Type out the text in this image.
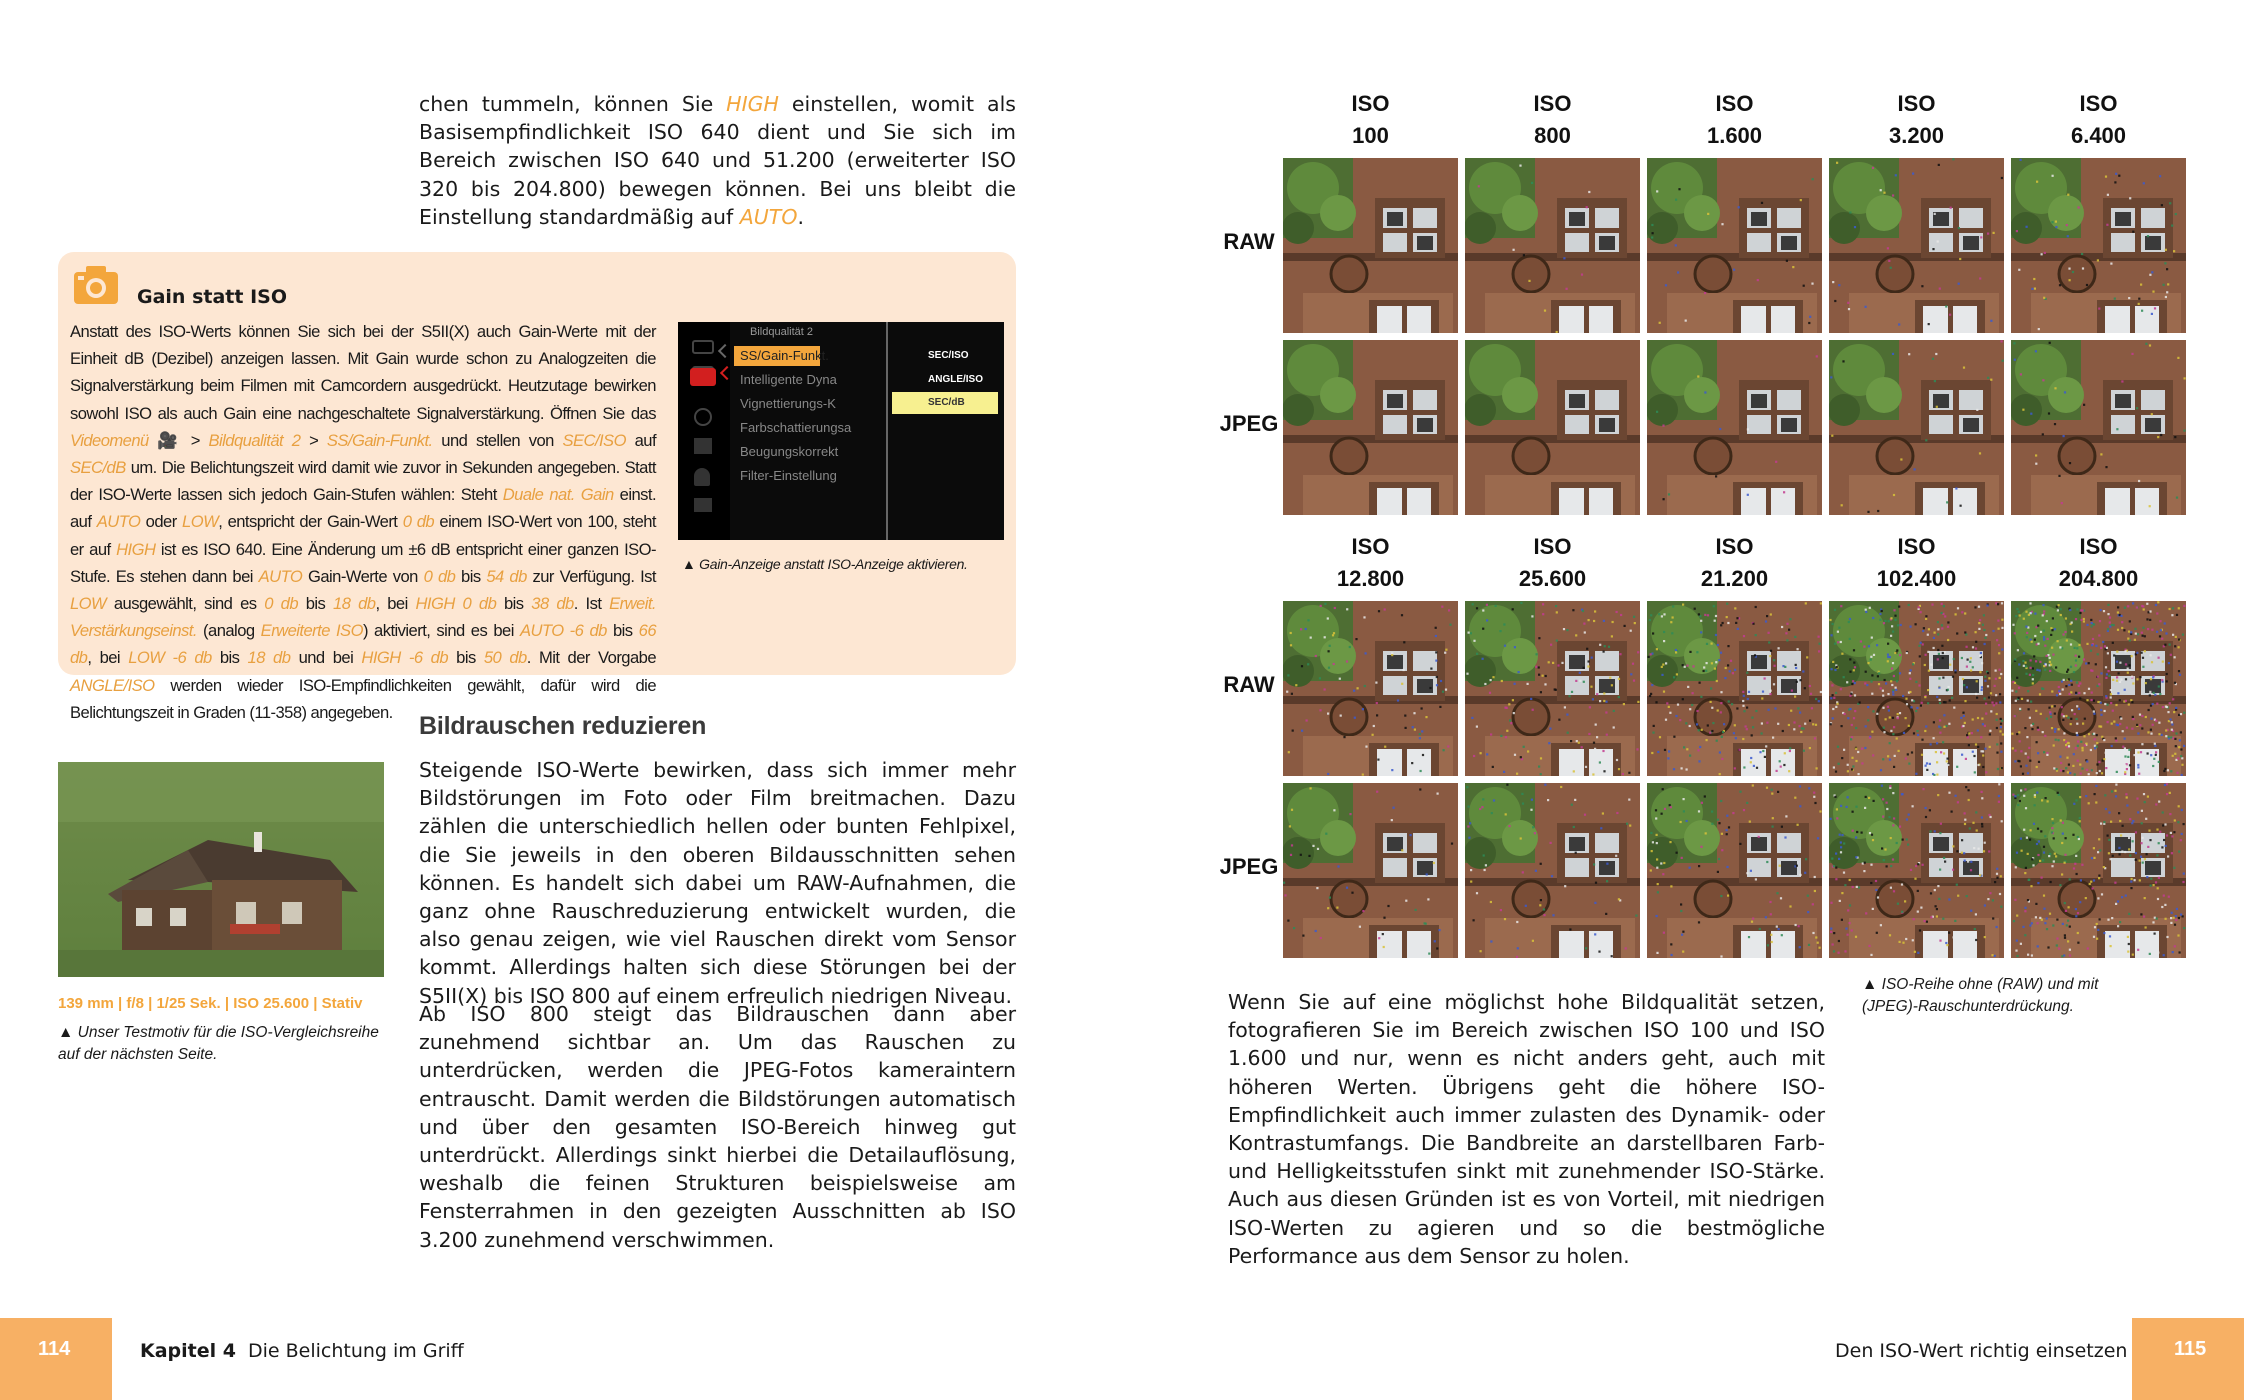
chen tummeln, können Sie HIGH einstellen, womit als Basisempfindlichkeit ISO 640 dient und Sie sich im Bereich zwischen ISO 640 und 51.200 (erweiterter ISO 320 bis 204.800) bewegen können. Bei uns bleibt die Einstellung standardmäßig auf AUTO.
Gain statt ISO
Anstatt des ISO-Werts können Sie sich bei der S5II(X) auch Gain-Werte mit der Einheit dB (Dezibel) anzeigen lassen. Mit Gain wurde schon zu Analogzeiten die Signalverstärkung beim Filmen mit Camcordern ausgedrückt. Heutzutage bewirken sowohl ISO als auch Gain eine nachgeschaltete Signalverstärkung. Öffnen Sie das Videomenü 🎥 > Bildqualität 2 > SS/Gain-Funkt. und stellen von SEC/ISO auf SEC/dB um. Die Belichtungszeit wird damit wie zuvor in Sekunden angegeben. Statt der ISO-Werte lassen sich jedoch Gain-Stufen wählen: Steht Duale nat. Gain einst. auf AUTO oder LOW, entspricht der Gain-Wert 0 db einem ISO-Wert von 100, steht er auf HIGH ist es ISO 640. Eine Änderung um ±6 dB entspricht einer ganzen ISO-Stufe. Es stehen dann bei AUTO Gain-Werte von 0 db bis 54 db zur Verfügung. Ist LOW ausgewählt, sind es 0 db bis 18 db, bei HIGH 0 db bis 38 db. Ist Erweit. Verstärkungseinst. (analog Erweiterte ISO) aktiviert, sind es bei AUTO -6 db bis 66 db, bei LOW -6 db bis 18 db und bei HIGH -6 db bis 50 db. Mit der Vorgabe ANGLE/ISO werden wieder ISO-Empfindlichkeiten gewählt, dafür wird die Belichtungszeit in Graden (11-358) angegeben.
Bildqualität 2
SS/Gain-Funkt.
Intelligente Dyna
Vignettierungs-K
Farbschattierungsa
Beugungskorrekt
Filter-Einstellung
SEC/ISO
ANGLE/ISO
SEC/dB
▲ Gain-Anzeige anstatt ISO-Anzeige aktivieren.
Bildrauschen reduzieren
Steigende ISO-Werte bewirken, dass sich immer mehr Bildstörungen im Foto oder Film breitmachen. Dazu zählen die unterschiedlich hellen oder bunten Fehlpixel, die Sie jeweils in den oberen Bildausschnitten sehen können. Es handelt sich dabei um RAW-Aufnahmen, die ganz ohne Rauschreduzierung entwickelt wurden, die also genau zeigen, wie viel Rauschen direkt vom Sensor kommt. Allerdings halten sich diese Störungen bei der S5II(X) bis ISO 800 auf einem erfreulich niedrigen Niveau.
Ab ISO 800 steigt das Bildrauschen dann aber zunehmend sichtbar an. Um das Rauschen zu unterdrücken, werden die JPEG-Fotos kameraintern entrauscht. Damit werden die Bildstörungen automatisch und über den gesamten ISO-Bereich hinweg gut unterdrückt. Allerdings sinkt hierbei die Detailauflösung, weshalb die feinen Strukturen beispielsweise am Fensterrahmen in den gezeigten Ausschnitten ab ISO 3.200 zunehmend verschwimmen.
139 mm | f/8 | 1/25 Sek. | ISO 25.600 | Stativ
▲ Unser Testmotiv für die ISO-Vergleichsreihe auf der nächsten Seite.
ISO
100
ISO
800
ISO
1.600
ISO
3.200
ISO
6.400
ISO
12.800
ISO
25.600
ISO
21.200
ISO
102.400
ISO
204.800
RAW
JPEG
RAW
JPEG
Wenn Sie auf eine möglichst hohe Bildqualität setzen, fotografieren Sie im Bereich zwischen ISO 100 und ISO 1.600 und nur, wenn es nicht anders geht, auch mit höheren Werten. Übrigens geht die höhere ISO-Empfindlichkeit auch immer zulasten des Dynamik- oder Kontrastumfangs. Die Bandbreite an darstellbaren Farb- und Helligkeitsstufen sinkt mit zunehmender ISO-Stärke. Auch aus diesen Gründen ist es von Vorteil, mit niedrigen ISO-Werten zu agieren und so die bestmögliche Performance aus dem Sensor zu holen.
▲ ISO-Reihe ohne (RAW) und mit (JPEG)-Rauschunterdrückung.
114	Kapitel 4 Die Belichtung im Griff	Den ISO-Wert richtig einsetzen 115
